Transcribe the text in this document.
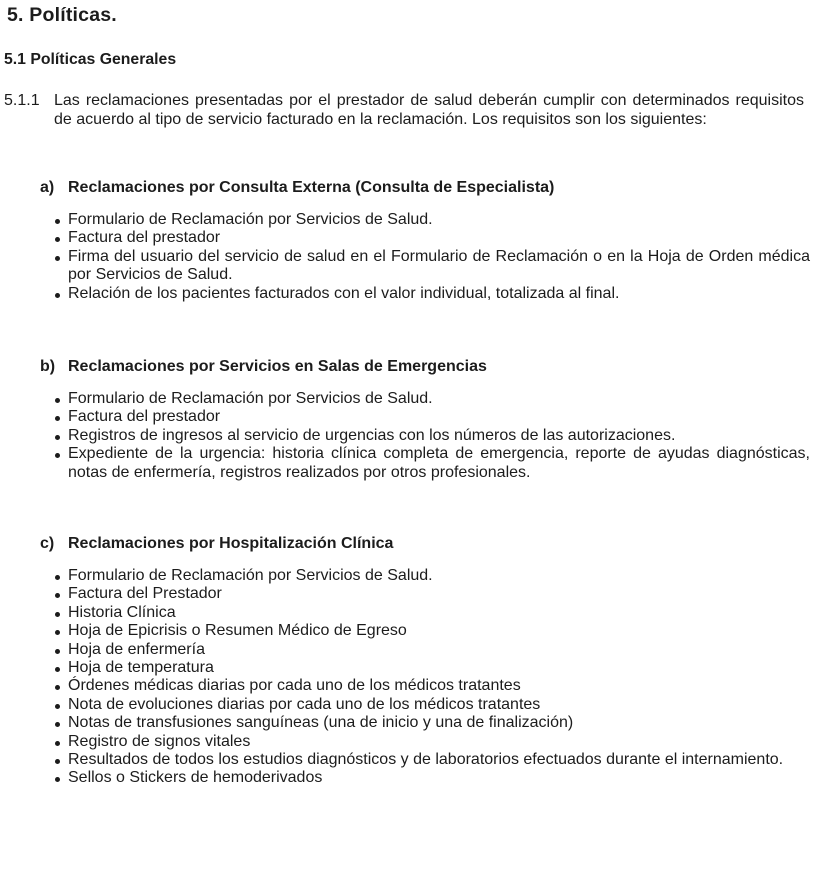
5. Políticas.
5.1 Políticas Generales
5.1.1 Las reclamaciones presentadas por el prestador de salud deberán cumplir con determinados requisitos de acuerdo al tipo de servicio facturado en la reclamación. Los requisitos son los siguientes:
a) Reclamaciones por Consulta Externa (Consulta de Especialista)
Formulario de Reclamación por Servicios de Salud.
Factura del prestador
Firma del usuario del servicio de salud en el Formulario de Reclamación o en la Hoja de Orden médica por Servicios de Salud.
Relación de los pacientes facturados con el valor individual, totalizada al final.
b) Reclamaciones por Servicios en Salas de Emergencias
Formulario de Reclamación por Servicios de Salud.
Factura del prestador
Registros de ingresos al servicio de urgencias con los números de las autorizaciones.
Expediente de la urgencia: historia clínica completa de emergencia, reporte de ayudas diagnósticas, notas de enfermería, registros realizados por otros profesionales.
c) Reclamaciones por Hospitalización Clínica
Formulario de Reclamación por Servicios de Salud.
Factura del Prestador
Historia Clínica
Hoja de Epicrisis o Resumen Médico de Egreso
Hoja de enfermería
Hoja de temperatura
Órdenes médicas diarias por cada uno de los médicos tratantes
Nota de evoluciones diarias por cada uno de los médicos tratantes
Notas de transfusiones sanguíneas (una de inicio y una de finalización)
Registro de signos vitales
Resultados de todos los estudios diagnósticos y de laboratorios efectuados durante el internamiento.
Sellos o Stickers de hemoderivados
